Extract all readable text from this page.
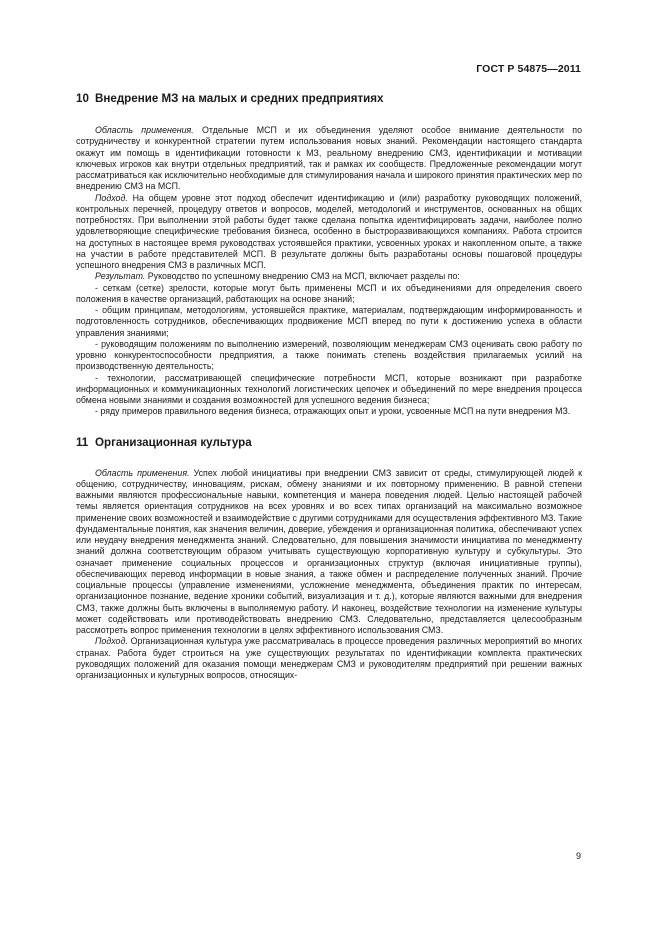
ГОСТ Р 54875—2011
10 Внедрение МЗ на малых и средних предприятиях

Область применения. Отдельные МСП и их объединения уделяют особое внимание деятельности по сотрудничеству и конкурентной стратегии путем использования новых знаний. Рекомендации настоящего стандарта окажут им помощь в идентификации готовности к МЗ, реальному внедрению СМЗ, идентификации и мотивации ключевых игроков как внутри отдельных предприятий, так и рамках их сообществ. Предложенные рекомендации могут рассматриваться как исключительно необходимые для стимулирования начала и широкого принятия практических мер по внедрению СМЗ на МСП.

Подход. На общем уровне этот подход обеспечит идентификацию и (или) разработку руководящих положений, контрольных перечней, процедуру ответов и вопросов, моделей, методологий и инструментов, основанных на общих потребностях. При выполнении этой работы будет также сделана попытка идентифицировать задачи, наиболее полно удовлетворяющие специфические требования бизнеса, особенно в быстроразвивающихся компаниях. Работа строится на доступных в настоящее время руководствах устоявшейся практики, усвоенных уроках и накопленном опыте, а также на участии в работе представителей МСП. В результате должны быть разработаны основы пошаговой процедуры успешного внедрения СМЗ в различных МСП.

Результат. Руководство по успешному внедрению СМЗ на МСП, включает разделы по:

- сеткам (сетке) зрелости, которые могут быть применены МСП и их объединениями для определения своего положения в качестве организаций, работающих на основе знаний;

- общим принципам, методологиям, устоявшейся практике, материалам, подтверждающим информированность и подготовленность сотрудников, обеспечивающих продвижение МСП вперед по пути к достижению успеха в области управления знаниями;

- руководящим положениям по выполнению измерений, позволяющим менеджерам СМЗ оценивать свою работу по уровню конкурентоспособности предприятия, а также понимать степень воздействия прилагаемых усилий на производственную деятельность;

- технологии, рассматривающей специфические потребности МСП, которые возникают при разработке информационных и коммуникационных технологий логистических цепочек и объединений по мере внедрения процесса обмена новыми знаниями и создания возможностей для успешного ведения бизнеса;

- ряду примеров правильного ведения бизнеса, отражающих опыт и уроки, усвоенные МСП на пути внедрения МЗ.

11 Организационная культура

Область применения. Успех любой инициативы при внедрении СМЗ зависит от среды, стимулирующей людей к общению, сотрудничеству, инновациям, рискам, обмену знаниями и их повторному применению. В равной степени важными являются профессиональные навыки, компетенция и манера поведения людей. Целью настоящей рабочей темы является ориентация сотрудников на всех уровнях и во всех типах организаций на максимально возможное применение своих возможностей и взаимодействие с другими сотрудниками для осуществления эффективного МЗ. Такие фундаментальные понятия, как значения величин, доверие, убеждения и организационная политика, обеспечивают успех или неудачу внедрения менеджмента знаний. Следовательно, для повышения значимости инициатива по менеджменту знаний должна соответствующим образом учитывать существующую корпоративную культуру и субкультуры. Это означает применение социальных процессов и организационных структур (включая инициативные группы), обеспечивающих перевод информации в новые знания, а также обмен и распределение полученных знаний. Прочие социальные процессы (управление изменениями, усложнение менеджмента, объединения практик по интересам, организационное познание, ведение хроники событий, визуализация и т. д.), которые являются важными для внедрения СМЗ, также должны быть включены в выполняемую работу. И наконец, воздействие технологии на изменение культуры может содействовать или противодействовать внедрению СМЗ. Следовательно, представляется целесообразным рассмотреть вопрос применения технологии в целях эффективного использования СМЗ.

Подход. Организационная культура уже рассматривалась в процессе проведения различных мероприятий во многих странах. Работа будет строиться на уже существующих результатах по идентификации комплекта практических руководящих положений для оказания помощи менеджерам СМЗ и руководителям предприятий при решении важных организационных и культурных вопросов, относящих-

9
